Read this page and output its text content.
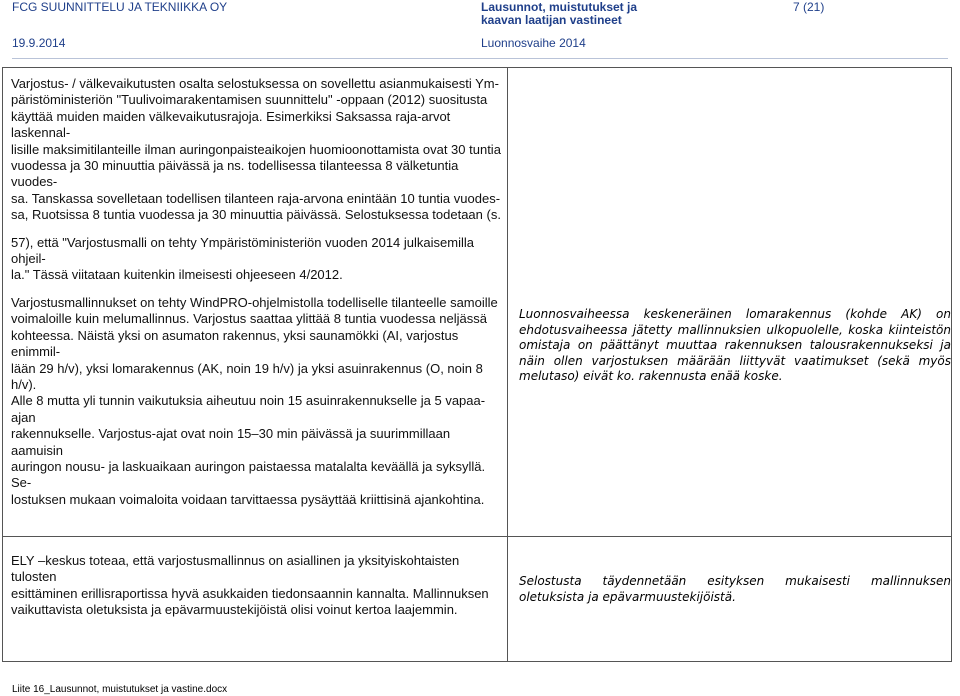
FCG SUUNNITTELU JA TEKNIIKKA OY	Lausunnot, muistutukset ja
kaavan laatijan vastineet
7 (21)
19.9.2014	Luonnosvaihe 2014

Varjostus- / välkevaikutusten osalta selostuksessa on sovellettu asianmukaisesti Ym-

päristöministeriön "Tuulivoimarakentamisen suunnittelu" -oppaan (2012) suositusta

käyttää muiden maiden välkevaikutusrajoja. Esimerkiksi Saksassa raja-arvot laskennal-

lisille maksimitilanteille ilman auringonpaisteaikojen huomioonottamista ovat 30 tuntia

vuodessa ja 30 minuuttia päivässä ja ns. todellisessa tilanteessa 8 välketuntia vuodes-

sa. Tanskassa sovelletaan todellisen tilanteen raja-arvona enintään 10 tuntia vuodes-

sa, Ruotsissa 8 tuntia vuodessa ja 30 minuuttia päivässä. Selostuksessa todetaan (s.

57), että "Varjostusmalli on tehty Ympäristöministeriön vuoden 2014 julkaisemilla ohjeil-

la." Tässä viitataan kuitenkin ilmeisesti ohjeeseen 4/2012.

Varjostusmallinnukset on tehty WindPRO-ohjelmistolla todelliselle tilanteelle samoille

voimaloille kuin melumallinnus. Varjostus saattaa ylittää 8 tuntia vuodessa neljässä

kohteessa. Näistä yksi on asumaton rakennus, yksi saunamökki (AI, varjostus enimmil-

lään 29 h/v), yksi lomarakennus (AK, noin 19 h/v) ja yksi asuinrakennus (O, noin 8 h/v).

Alle 8 mutta yli tunnin vaikutuksia aiheutuu noin 15 asuinrakennukselle ja 5 vapaa-ajan

rakennukselle. Varjostus-ajat ovat noin 15–30 min päivässä ja suurimmillaan aamuisin

auringon nousu- ja laskuaikaan auringon paistaessa matalalta keväällä ja syksyllä. Se-

lostuksen mukaan voimaloita voidaan tarvittaessa pysäyttää kriittisinä ajankohtina.

Luonnosvaiheessa keskeneräinen lomarakennus (kohde AK) on ehdotusvaiheessa jätetty mallinnuksien ulkopuolelle, koska kiinteistön omistaja on päättänyt muuttaa rakennuksen talousrakennukseksi ja näin ollen varjostuksen määrään liittyvät vaatimukset (sekä myös melutaso) eivät ko. rakennusta enää koske.

ELY –keskus toteaa, että varjostusmallinnus on asiallinen ja yksityiskohtaisten tulosten

esittäminen erillisraportissa hyvä asukkaiden tiedonsaannin kannalta. Mallinnuksen

vaikuttavista oletuksista ja epävarmuustekijöistä olisi voinut kertoa laajemmin.

Selostusta täydennetään esityksen mukaisesti mallinnuksen oletuksista ja epävarmuustekijöistä.
Liite 16_Lausunnot, muistutukset ja vastine.docx
